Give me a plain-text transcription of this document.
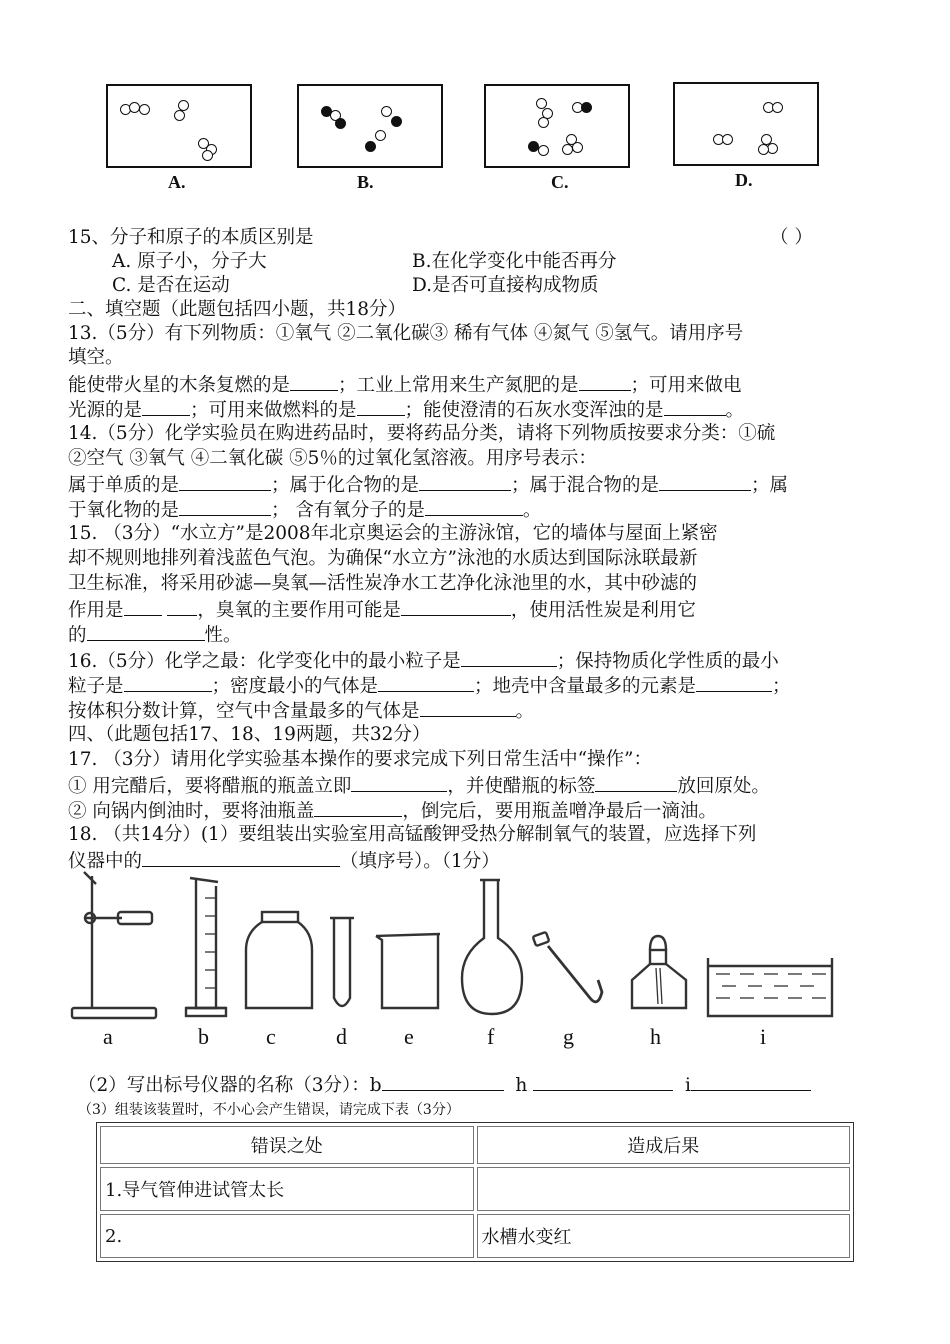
A.	B.	C.	D.
15、分子和原子的本质区别是	（ ）
A. 原子小，分子大	B.在化学变化中能否再分
C. 是否在运动	D.是否可直接构成物质
二、填空题（此题包括四小题，共18分）
13.（5分）有下列物质：①氧气 ②二氧化碳③ 稀有气体 ④氮气 ⑤氢气。请用序号
填空。
能使带火星的木条复燃的是	；工业上常用来生产氮肥的是	；可用来做电
光源的是	；可用来做燃料的是	；能使澄清的石灰水变浑浊的是	。
14.（5分）化学实验员在购进药品时，要将药品分类，请将下列物质按要求分类：①硫
②空气 ③氧气 ④二氧化碳 ⑤5％的过氧化氢溶液。用序号表示：
属于单质的是	；属于化合物的是	；属于混合物的是	；属
于氧化物的是	； 含有氧分子的是	。
15. （3分）“水立方”是2008年北京奥运会的主游泳馆，它的墙体与屋面上紧密
却不规则地排列着浅蓝色气泡。为确保“水立方”泳池的水质达到国际泳联最新
卫生标准，将采用砂滤—臭氧—活性炭净水工艺净化泳池里的水，其中砂滤的
作用是	，臭氧的主要作用可能是	，使用活性炭是利用它
的	性。
16.（5分）化学之最：化学变化中的最小粒子是	；保持物质化学性质的最小
粒子是	；密度最小的气体是	；地壳中含量最多的元素是	；
按体积分数计算，空气中含量最多的气体是	。
四、（此题包括17、18、19两题，共32分）
17. （3分）请用化学实验基本操作的要求完成下列日常生活中“操作”：
① 用完醋后，要将醋瓶的瓶盖立即	，并使醋瓶的标签	放回原处。
② 向锅内倒油时，要将油瓶盖	，倒完后，要用瓶盖噌净最后一滴油。
18. （共14分）(1）要组装出实验室用高锰酸钾受热分解制氧气的装置，应选择下列
仪器中的	（填序号）。（1分）
a	b	c	d	e	f	g	h	i
（2）写出标号仪器的名称（3分）：b	h	i
（3）组装该装置时，不小心会产生错误，请完成下表（3分）
错误之处	造成后果
1.导气管伸进试管太长	
2.	水槽水变红
